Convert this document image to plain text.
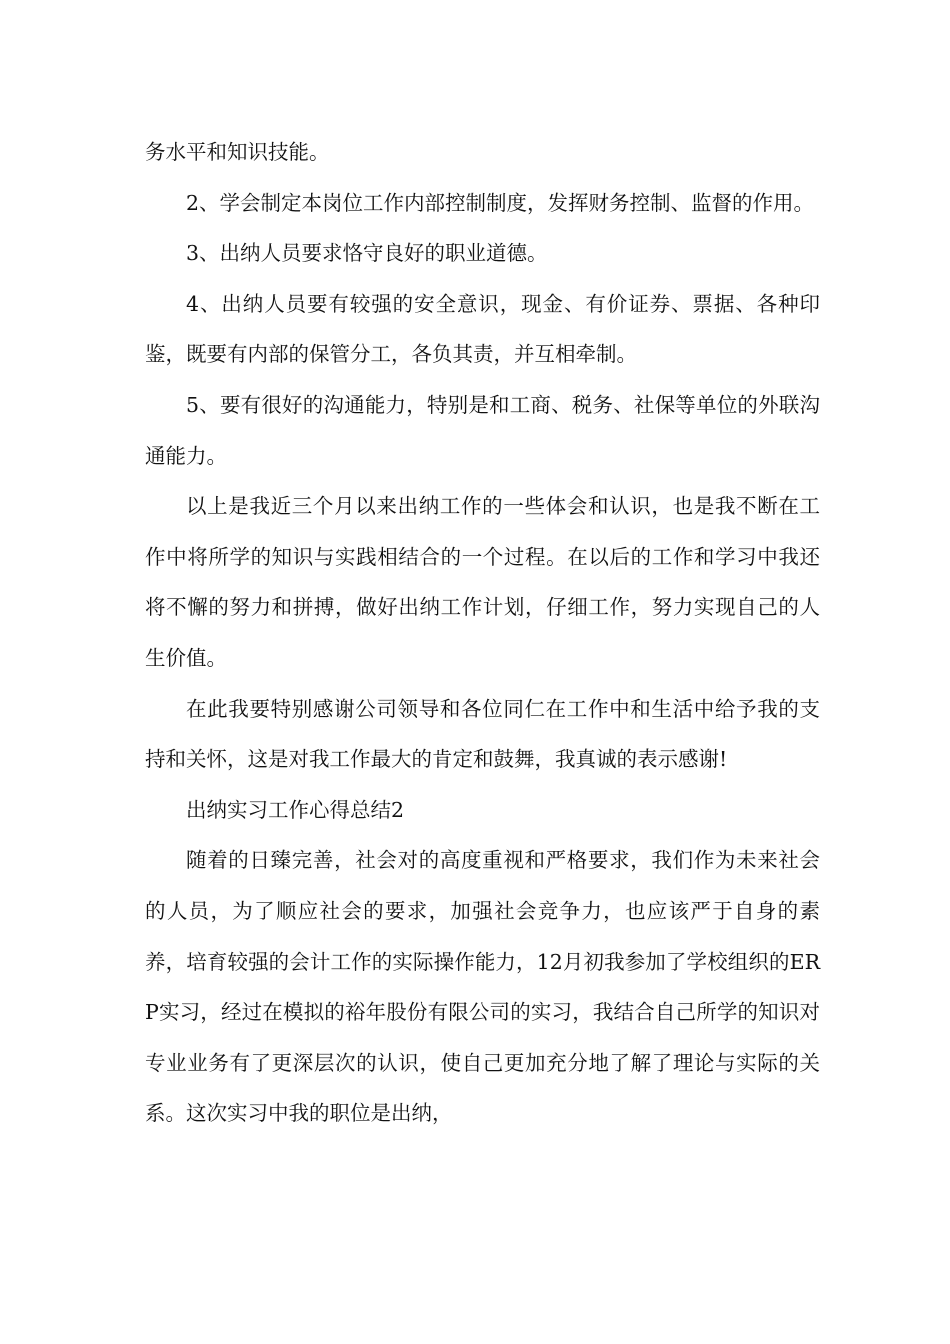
务水平和知识技能。

2、学会制定本岗位工作内部控制制度，发挥财务控制、监督的作用。

3、出纳人员要求恪守良好的职业道德。

4、出纳人员要有较强的安全意识，现金、有价证券、票据、各种印鉴，既要有内部的保管分工，各负其责，并互相牵制。

5、要有很好的沟通能力，特别是和工商、税务、社保等单位的外联沟通能力。

以上是我近三个月以来出纳工作的一些体会和认识，也是我不断在工作中将所学的知识与实践相结合的一个过程。在以后的工作和学习中我还将不懈的努力和拼搏，做好出纳工作计划，仔细工作，努力实现自己的人生价值。

在此我要特别感谢公司领导和各位同仁在工作中和生活中给予我的支持和关怀，这是对我工作最大的肯定和鼓舞，我真诚的表示感谢!

出纳实习工作心得总结2

随着的日臻完善，社会对的高度重视和严格要求，我们作为未来社会的人员，为了顺应社会的要求，加强社会竞争力，也应该严于自身的素养，培育较强的会计工作的实际操作能力，12月初我参加了学校组织的ERP实习，经过在模拟的裕年股份有限公司的实习，我结合自己所学的知识对专业业务有了更深层次的认识，使自己更加充分地了解了理论与实际的关系。这次实习中我的职位是出纳，
